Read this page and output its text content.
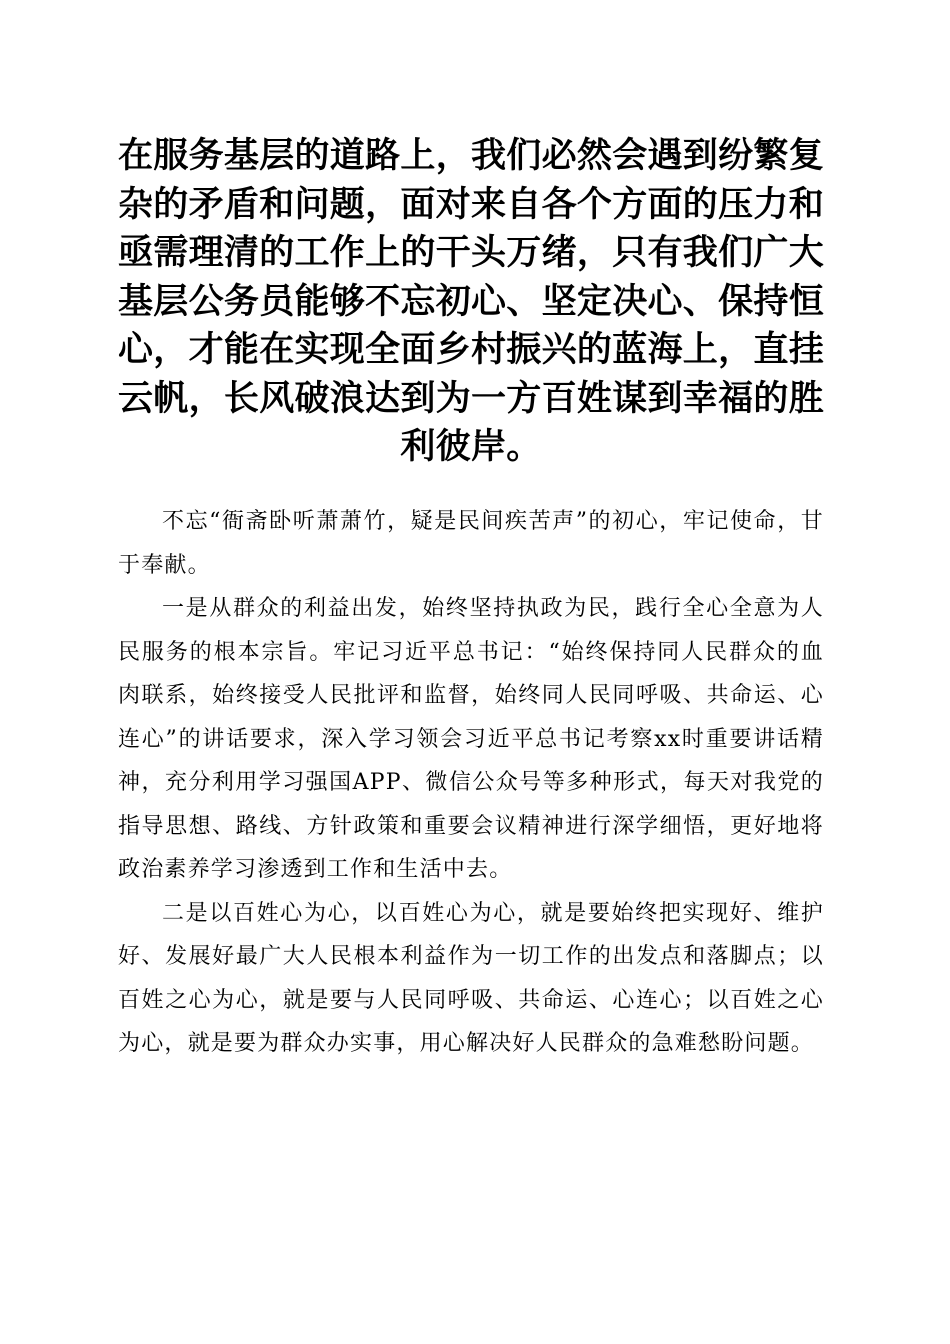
在服务基层的道路上，我们必然会遇到纷繁复杂的矛盾和问题，面对来自各个方面的压力和亟需理清的工作上的干头万绪，只有我们广大基层公务员能够不忘初心、坚定决心、保持恒心，才能在实现全面乡村振兴的蓝海上，直挂云帆，长风破浪达到为一方百姓谋到幸福的胜利彼岸。

不忘“衙斋卧听萧萧竹，疑是民间疾苦声”的初心，牢记使命，甘于奉献。

一是从群众的利益出发，始终坚持执政为民，践行全心全意为人民服务的根本宗旨。牢记习近平总书记：“始终保持同人民群众的血肉联系，始终接受人民批评和监督，始终同人民同呼吸、共命运、心连心”的讲话要求，深入学习领会习近平总书记考察xx时重要讲话精神，充分利用学习强国APP、微信公众号等多种形式，每天对我党的指导思想、路线、方针政策和重要会议精神进行深学细悟，更好地将政治素养学习渗透到工作和生活中去。

二是以百姓心为心，以百姓心为心，就是要始终把实现好、维护好、发展好最广大人民根本利益作为一切工作的出发点和落脚点；以百姓之心为心，就是要与人民同呼吸、共命运、心连心；以百姓之心为心，就是要为群众办实事，用心解决好人民群众的急难愁盼问题。
